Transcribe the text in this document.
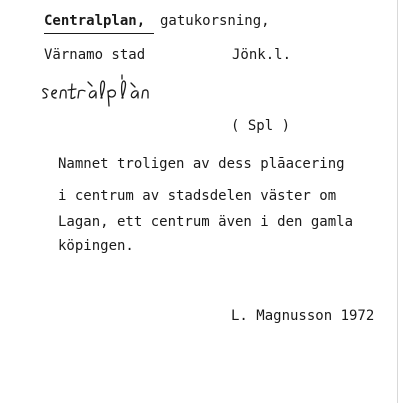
Centralplan, gatukorsning,
Värnamo stad	Jönk.l.
( Spl )
Namnet troligen av dess plāacering
i centrum av stadsdelen väster om
Lagan, ett centrum även i den gamla
köpingen.
L. Magnusson 1972
